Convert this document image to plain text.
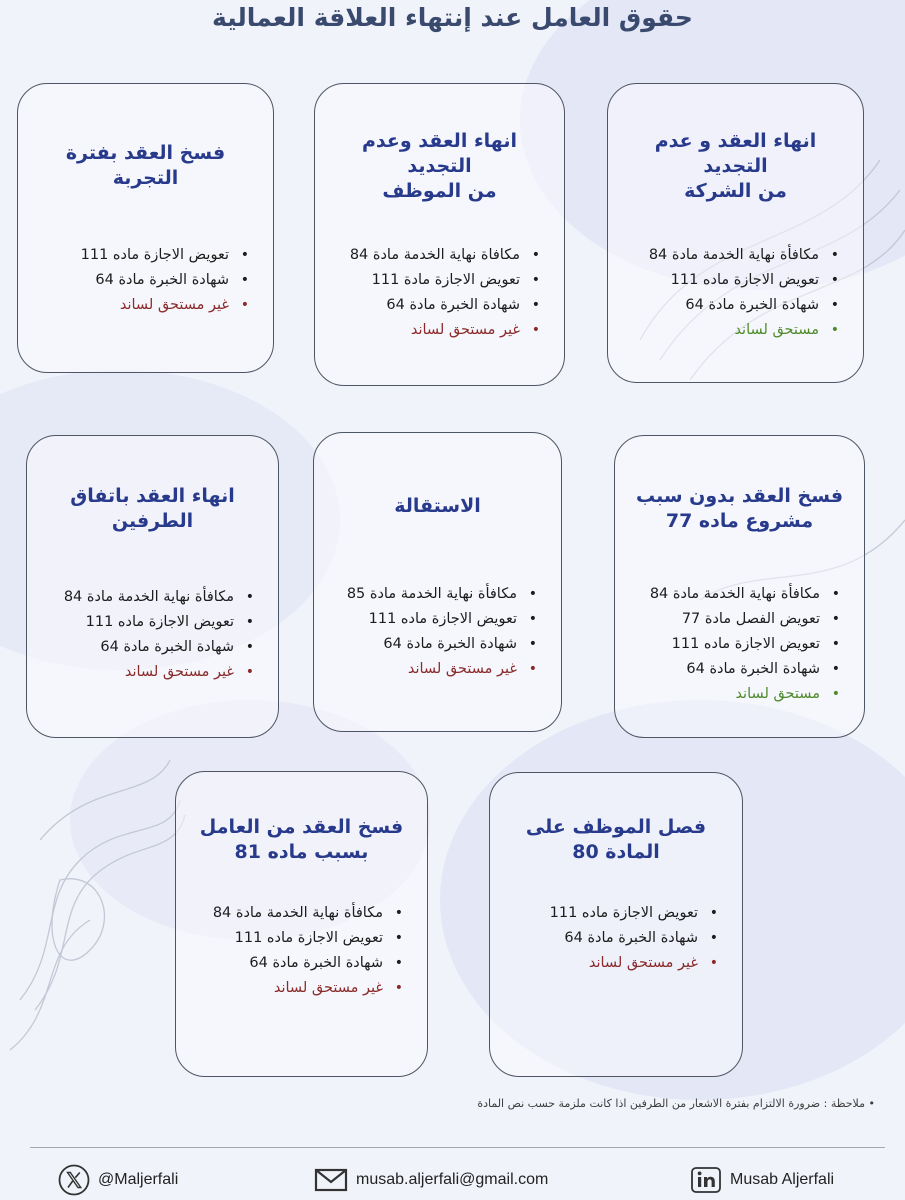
حقوق العامل عند إنتهاء العلاقة العمالية
انهاء العقد و عدم التجديد
من الشركة
•
مكافأة نهاية الخدمة مادة 84
•
تعويض الاجازة ماده 111
•
شهادة الخبرة مادة 64
•
مستحق لساند
انهاء العقد وعدم التجديد
من الموظف
•
مكافاة نهاية الخدمة مادة 84
•
تعويض الاجازة مادة 111
•
شهادة الخبرة مادة 64
•
غير مستحق لساند
فسخ العقد بفترة التجربة
•
تعويض الاجازة ماده 111
•
شهادة الخبرة مادة 64
•
غير مستحق لساند
فسخ العقد بدون سبب
مشروع ماده 77
•
مكافأة نهاية الخدمة مادة 84
•
تعويض الفصل مادة 77
•
تعويض الاجازة ماده 111
•
شهادة الخبرة مادة 64
•
مستحق لساند
الاستقالة
•
مكافأة نهاية الخدمة مادة 85
•
تعويض الاجازة ماده 111
•
شهادة الخبرة مادة 64
•
غير مستحق لساند
انهاء العقد باتفاق
الطرفين
•
مكافأة نهاية الخدمة مادة 84
•
تعويض الاجازة ماده 111
•
شهادة الخبرة مادة 64
•
غير مستحق لساند
فصل الموظف على
المادة 80
•
تعويض الاجازة ماده 111
•
شهادة الخبرة مادة 64
•
غير مستحق لساند
فسخ العقد من العامل
بسبب ماده 81
•
مكافأة نهاية الخدمة مادة 84
•
تعويض الاجازة ماده 111
•
شهادة الخبرة مادة 64
•
غير مستحق لساند
• ملاحظة : ضرورة الالتزام بفترة الاشعار من الطرفين اذا كانت ملزمة حسب نص المادة
Musab Aljerfali
musab.aljerfali@gmail.com
@Maljerfali
